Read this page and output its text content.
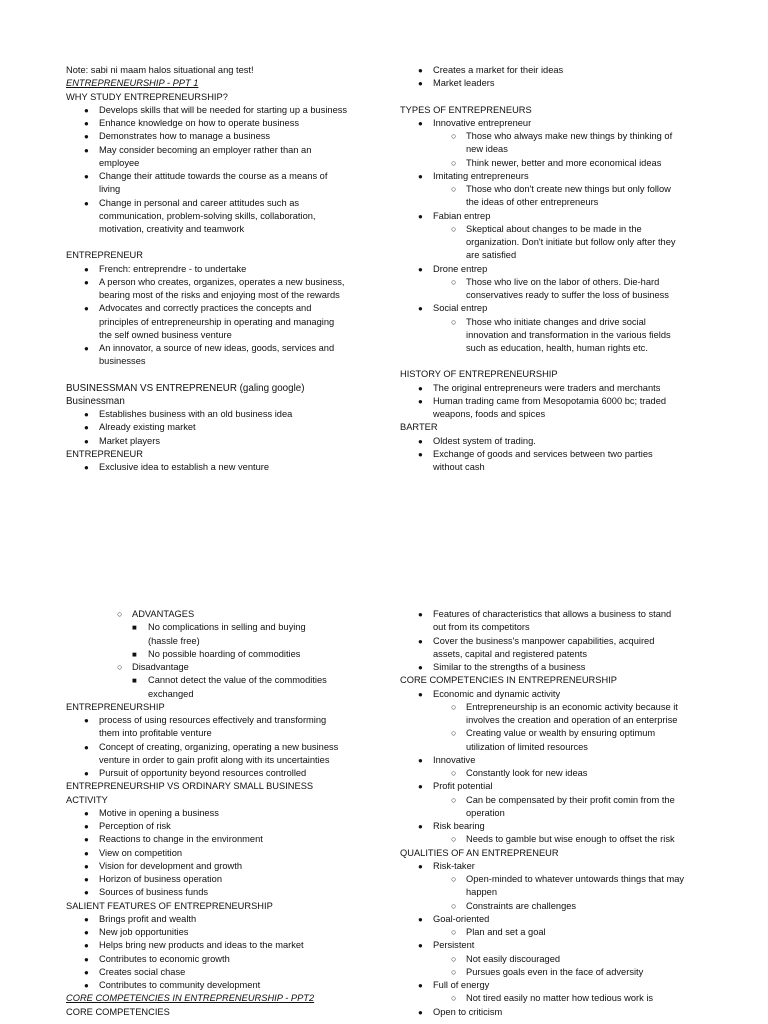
Note: sabi ni maam halos situational ang test!
ENTREPRENEURSHIP - PPT 1
WHY STUDY ENTREPRENEURSHIP?
● Develops skills that will be needed for starting up a business
● Enhance knowledge on how to operate business
● Demonstrates how to manage a business
● May consider becoming an employer rather than an
employee
● Change their attitude towards the course as a means of
living
● Change in personal and career attitudes such as
communication, problem-solving skills, collaboration,
motivation, creativity and teamwork
ENTREPRENEUR
● French: entreprendre - to undertake
● A person who creates, organizes, operates a new business,
bearing most of the risks and enjoying most of the rewards
● Advocates and correctly practices the concepts and
principles of entrepreneurship in operating and managing
the self owned business venture
● An innovator, a source of new ideas, goods, services and
businesses
BUSINESSMAN VS ENTREPRENEUR (galing google)
Businessman
● Establishes business with an old business idea
● Already existing market
● Market players
ENTREPRENEUR
● Exclusive idea to establish a new venture
● Creates a market for their ideas
● Market leaders
TYPES OF ENTREPRENEURS
● Innovative entrepreneur
○ Those who always make new things by thinking of
new ideas
○ Think newer, better and more economical ideas
● Imitating entrepreneurs
○ Those who don't create new things but only follow
the ideas of other entrepreneurs
● Fabian entrep
○ Skeptical about changes to be made in the
organization. Don't initiate but follow only after they
are satisfied
● Drone entrep
○ Those who live on the labor of others. Die-hard
conservatives ready to suffer the loss of business
● Social entrep
○ Those who initiate changes and drive social
innovation and transformation in the various fields
such as education, health, human rights etc.
HISTORY OF ENTREPRENEURSHIP
● The original entrepreneurs were traders and merchants
● Human trading came from Mesopotamia 6000 bc; traded
weapons, foods and spices
BARTER
● Oldest system of trading.
● Exchange of goods and services between two parties
without cash
○ ADVANTAGES
■ No complications in selling and buying
(hassle free)
■ No possible hoarding of commodities
○ Disadvantage
■ Cannot detect the value of the commodities
exchanged
ENTREPRENEURSHIP
● process of using resources effectively and transforming
them into profitable venture
● Concept of creating, organizing, operating a new business
venture in order to gain profit along with its uncertainties
● Pursuit of opportunity beyond resources controlled
ENTREPRENEURSHIP VS ORDINARY SMALL BUSINESS
ACTIVITY
● Motive in opening a business
● Perception of risk
● Reactions to change in the environment
● View on competition
● Vision for development and growth
● Horizon of business operation
● Sources of business funds
SALIENT FEATURES OF ENTREPRENEURSHIP
● Brings profit and wealth
● New job opportunities
● Helps bring new products and ideas to the market
● Contributes to economic growth
● Creates social chase
● Contributes to community development
CORE COMPETENCIES IN ENTREPRENEURSHIP - PPT2
CORE COMPETENCIES
● Features of characteristics that allows a business to stand
out from its competitors
● Cover the business's manpower capabilities, acquired
assets, capital and registered patents
● Similar to the strengths of a business
CORE COMPETENCIES IN ENTREPRENEURSHIP
● Economic and dynamic activity
○ Entrepreneurship is an economic activity because it
involves the creation and operation of an enterprise
○ Creating value or wealth by ensuring optimum
utilization of limited resources
● Innovative
○ Constantly look for new ideas
● Profit potential
○ Can be compensated by their profit comin from the
operation
● Risk bearing
○ Needs to gamble but wise enough to offset the risk
QUALITIES OF AN ENTREPRENEUR
● Risk-taker
○ Open-minded to whatever untowards things that may
happen
○ Constraints are challenges
● Goal-oriented
○ Plan and set a goal
● Persistent
○ Not easily discouraged
○ Pursues goals even in the face of adversity
● Full of energy
○ Not tired easily no matter how tedious work is
● Open to criticism
